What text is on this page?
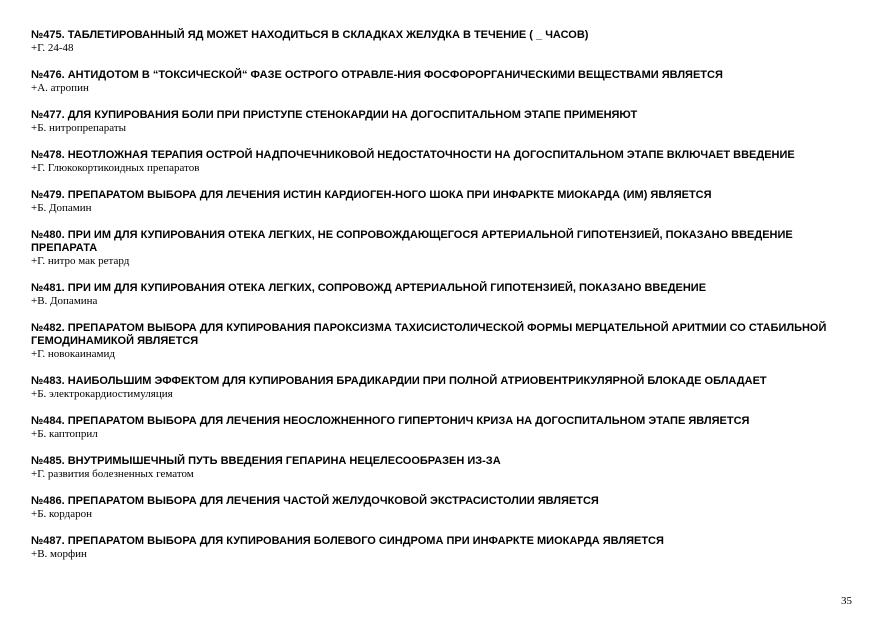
№475. ТАБЛЕТИРОВАННЫЙ ЯД МОЖЕТ НАХОДИТЬСЯ В СКЛАДКАХ ЖЕЛУДКА В ТЕЧЕНИЕ ( _ ЧАСОВ)

+Г. 24-48

№476. АНТИДОТОМ В “ТОКСИЧЕСКОЙ“ ФАЗЕ ОСТРОГО ОТРАВЛЕ-НИЯ ФОСФОРОРГАНИЧЕСКИМИ ВЕЩЕСТВАМИ ЯВЛЯЕТСЯ

+А. атропин

№477. ДЛЯ КУПИРОВАНИЯ БОЛИ ПРИ ПРИСТУПЕ СТЕНОКАРДИИ НА ДОГОСПИТАЛЬНОМ ЭТАПЕ ПРИМЕНЯЮТ

+Б. нитропрепараты

№478. НЕОТЛОЖНАЯ ТЕРАПИЯ ОСТРОЙ НАДПОЧЕЧНИКОВОЙ НЕДОСТАТОЧНОСТИ НА ДОГОСПИТАЛЬНОМ ЭТАПЕ ВКЛЮЧАЕТ ВВЕДЕНИЕ

+Г. Глюкокортикоидных препаратов

№479. ПРЕПАРАТОМ ВЫБОРА ДЛЯ ЛЕЧЕНИЯ ИСТИН КАРДИОГЕН-НОГО ШОКА ПРИ ИНФАРКТЕ МИОКАРДА (ИМ) ЯВЛЯЕТСЯ

+Б. Допамин

№480. ПРИ ИМ ДЛЯ КУПИРОВАНИЯ ОТЕКА ЛЕГКИХ, НЕ СОПРОВОЖДАЮЩЕГОСЯ АРТЕРИАЛЬНОЙ ГИПОТЕНЗИЕЙ, ПОКАЗАНО ВВЕДЕНИЕ ПРЕПАРАТА

+Г. нитро мак ретард

№481. ПРИ ИМ ДЛЯ КУПИРОВАНИЯ ОТЕКА ЛЕГКИХ, СОПРОВОЖД АРТЕРИАЛЬНОЙ ГИПОТЕНЗИЕЙ, ПОКАЗАНО ВВЕДЕНИЕ

+В. Допамина

№482. ПРЕПАРАТОМ ВЫБОРА ДЛЯ КУПИРОВАНИЯ ПАРОКСИЗМА ТАХИСИСТОЛИЧЕСКОЙ ФОРМЫ МЕРЦАТЕЛЬНОЙ АРИТМИИ СО СТАБИЛЬНОЙ ГЕМОДИНАМИКОЙ ЯВЛЯЕТСЯ

+Г. новокаинамид

№483. НАИБОЛЬШИМ ЭФФЕКТОМ ДЛЯ КУПИРОВАНИЯ БРАДИКАРДИИ ПРИ ПОЛНОЙ АТРИОВЕНТРИКУЛЯРНОЙ БЛОКАДЕ ОБЛАДАЕТ

+Б. электрокардиостимуляция

№484. ПРЕПАРАТОМ ВЫБОРА ДЛЯ ЛЕЧЕНИЯ НЕОСЛОЖНЕННОГО ГИПЕРТОНИЧ КРИЗА НА ДОГОСПИТАЛЬНОМ ЭТАПЕ ЯВЛЯЕТСЯ

+Б. каптоприл

№485. ВНУТРИМЫШЕЧНЫЙ ПУТЬ ВВЕДЕНИЯ ГЕПАРИНА НЕЦЕЛЕСООБРАЗЕН ИЗ-ЗА

+Г. развития болезненных гематом

№486. ПРЕПАРАТОМ ВЫБОРА ДЛЯ ЛЕЧЕНИЯ ЧАСТОЙ ЖЕЛУДОЧКОВОЙ ЭКСТРАСИСТОЛИИ ЯВЛЯЕТСЯ

+Б. кордарон

№487. ПРЕПАРАТОМ ВЫБОРА ДЛЯ КУПИРОВАНИЯ БОЛЕВОГО СИНДРОМА ПРИ ИНФАРКТЕ МИОКАРДА ЯВЛЯЕТСЯ

+В. морфин

35
